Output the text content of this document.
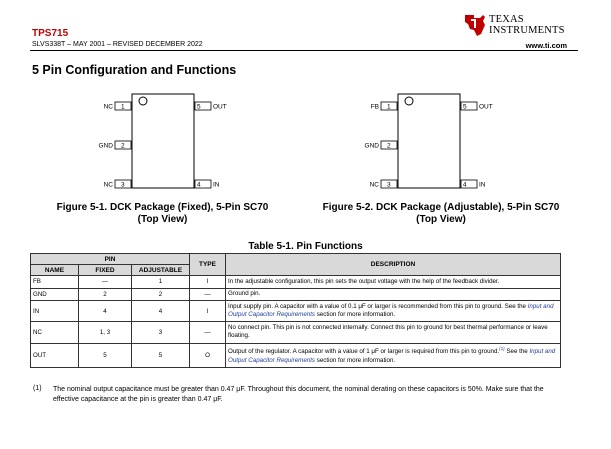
TPS715
SLVS338T – MAY 2001 – REVISED DECEMBER 2022
TEXAS
INSTRUMENTS
www.ti.com
5 Pin Configuration and Functions
1
2
3
5
4
NC
GND
NC
OUT
IN
Figure 5-1. DCK Package (Fixed), 5-Pin SC70
(Top View)
1
2
3
5
4
FB
GND
NC
OUT
IN
Figure 5-2. DCK Package (Adjustable), 5-Pin SC70
(Top View)
Table 5-1. Pin Functions
PIN			TYPE	DESCRIPTION
NAME	FIXED	ADJUSTABLE		
FB	—	1	I	In the adjustable configuration, this pin sets the output voltage with the help of the feedback divider.
GND	2	2	—	Ground pin.
IN	4	4	I	Input supply pin. A capacitor with a value of 0.1 μF or larger is recommended from this pin to ground. See the Input and Output Capacitor Requirements section for more information.
NC	1, 3	3	—	No connect pin. This pin is not connected internally. Connect this pin to ground for best thermal performance or leave floating.
OUT	5	5	O	Output of the regulator. A capacitor with a value of 1 μF or larger is required from this pin to ground.$^{(1)}$ See the Input and Output Capacitor Requirements section for more information.
(1) The nominal output capacitance must be greater than 0.47 μF. Throughout this document, the nominal derating on these capacitors is 50%. Make sure that the effective capacitance at the pin is greater than 0.47 μF.
